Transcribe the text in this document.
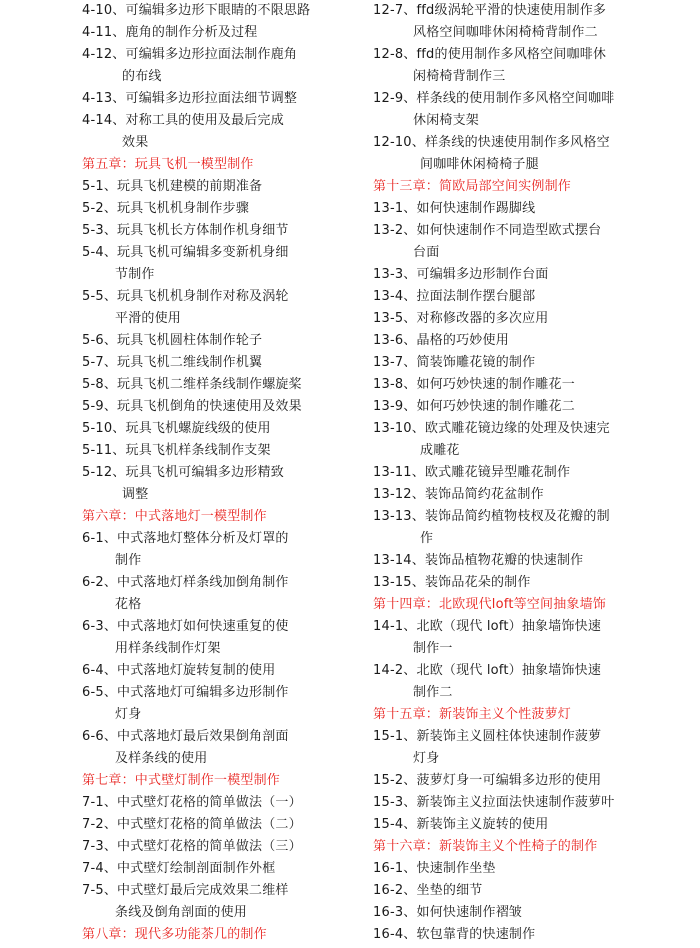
4-10、可编辑多边形下眼睛的不限思路
4-11、鹿角的制作分析及过程
4-12、可编辑多边形拉面法制作鹿角
的布线
4-13、可编辑多边形拉面法细节调整
4-14、对称工具的使用及最后完成
效果
第五章：玩具飞机一模型制作
5-1、玩具飞机建模的前期准备
5-2、玩具飞机机身制作步骤
5-3、玩具飞机长方体制作机身细节
5-4、玩具飞机可编辑多变新机身细
节制作
5-5、玩具飞机机身制作对称及涡轮
平滑的使用
5-6、玩具飞机圆柱体制作轮子
5-7、玩具飞机二维线制作机翼
5-8、玩具飞机二维样条线制作螺旋桨
5-9、玩具飞机倒角的快速使用及效果
5-10、玩具飞机螺旋线级的使用
5-11、玩具飞机样条线制作支架
5-12、玩具飞机可编辑多边形精致
调整
第六章：中式落地灯一模型制作
6-1、中式落地灯整体分析及灯罩的
制作
6-2、中式落地灯样条线加倒角制作
花格
6-3、中式落地灯如何快速重复的使
用样条线制作灯架
6-4、中式落地灯旋转复制的使用
6-5、中式落地灯可编辑多边形制作
灯身
6-6、中式落地灯最后效果倒角剖面
及样条线的使用
第七章：中式壁灯制作一模型制作
7-1、中式壁灯花格的简单做法（一）
7-2、中式壁灯花格的简单做法（二）
7-3、中式壁灯花格的简单做法（三）
7-4、中式壁灯绘制剖面制作外框
7-5、中式壁灯最后完成效果二维样
条线及倒角剖面的使用
第八章：现代多功能茶几的制作
12-7、ffd级涡轮平滑的快速使用制作多
风格空间咖啡休闲椅椅背制作二
12-8、ffd的使用制作多风格空间咖啡休
闲椅椅背制作三
12-9、样条线的使用制作多风格空间咖啡
休闲椅支架
12-10、样条线的快速使用制作多风格空
间咖啡休闲椅椅子腿
第十三章：简欧局部空间实例制作
13-1、如何快速制作踢脚线
13-2、如何快速制作不同造型欧式摆台
台面
13-3、可编辑多边形制作台面
13-4、拉面法制作摆台腿部
13-5、对称修改器的多次应用
13-6、晶格的巧妙使用
13-7、简装饰雕花镜的制作
13-8、如何巧妙快速的制作雕花一
13-9、如何巧妙快速的制作雕花二
13-10、欧式雕花镜边缘的处理及快速完
成雕花
13-11、欧式雕花镜异型雕花制作
13-12、装饰品简约花盆制作
13-13、装饰品简约植物枝杈及花瓣的制
作
13-14、装饰品植物花瓣的快速制作
13-15、装饰品花朵的制作
第十四章：北欧现代loft等空间抽象墙饰
14-1、北欧（现代 loft）抽象墙饰快速
制作一
14-2、北欧（现代 loft）抽象墙饰快速
制作二
第十五章：新装饰主义个性菠萝灯
15-1、新装饰主义圆柱体快速制作菠萝
灯身
15-2、菠萝灯身一可编辑多边形的使用
15-3、新装饰主义拉面法快速制作菠萝叶
15-4、新装饰主义旋转的使用
第十六章：新装饰主义个性椅子的制作
16-1、快速制作坐垫
16-2、坐垫的细节
16-3、如何快速制作褶皱
16-4、软包靠背的快速制作
